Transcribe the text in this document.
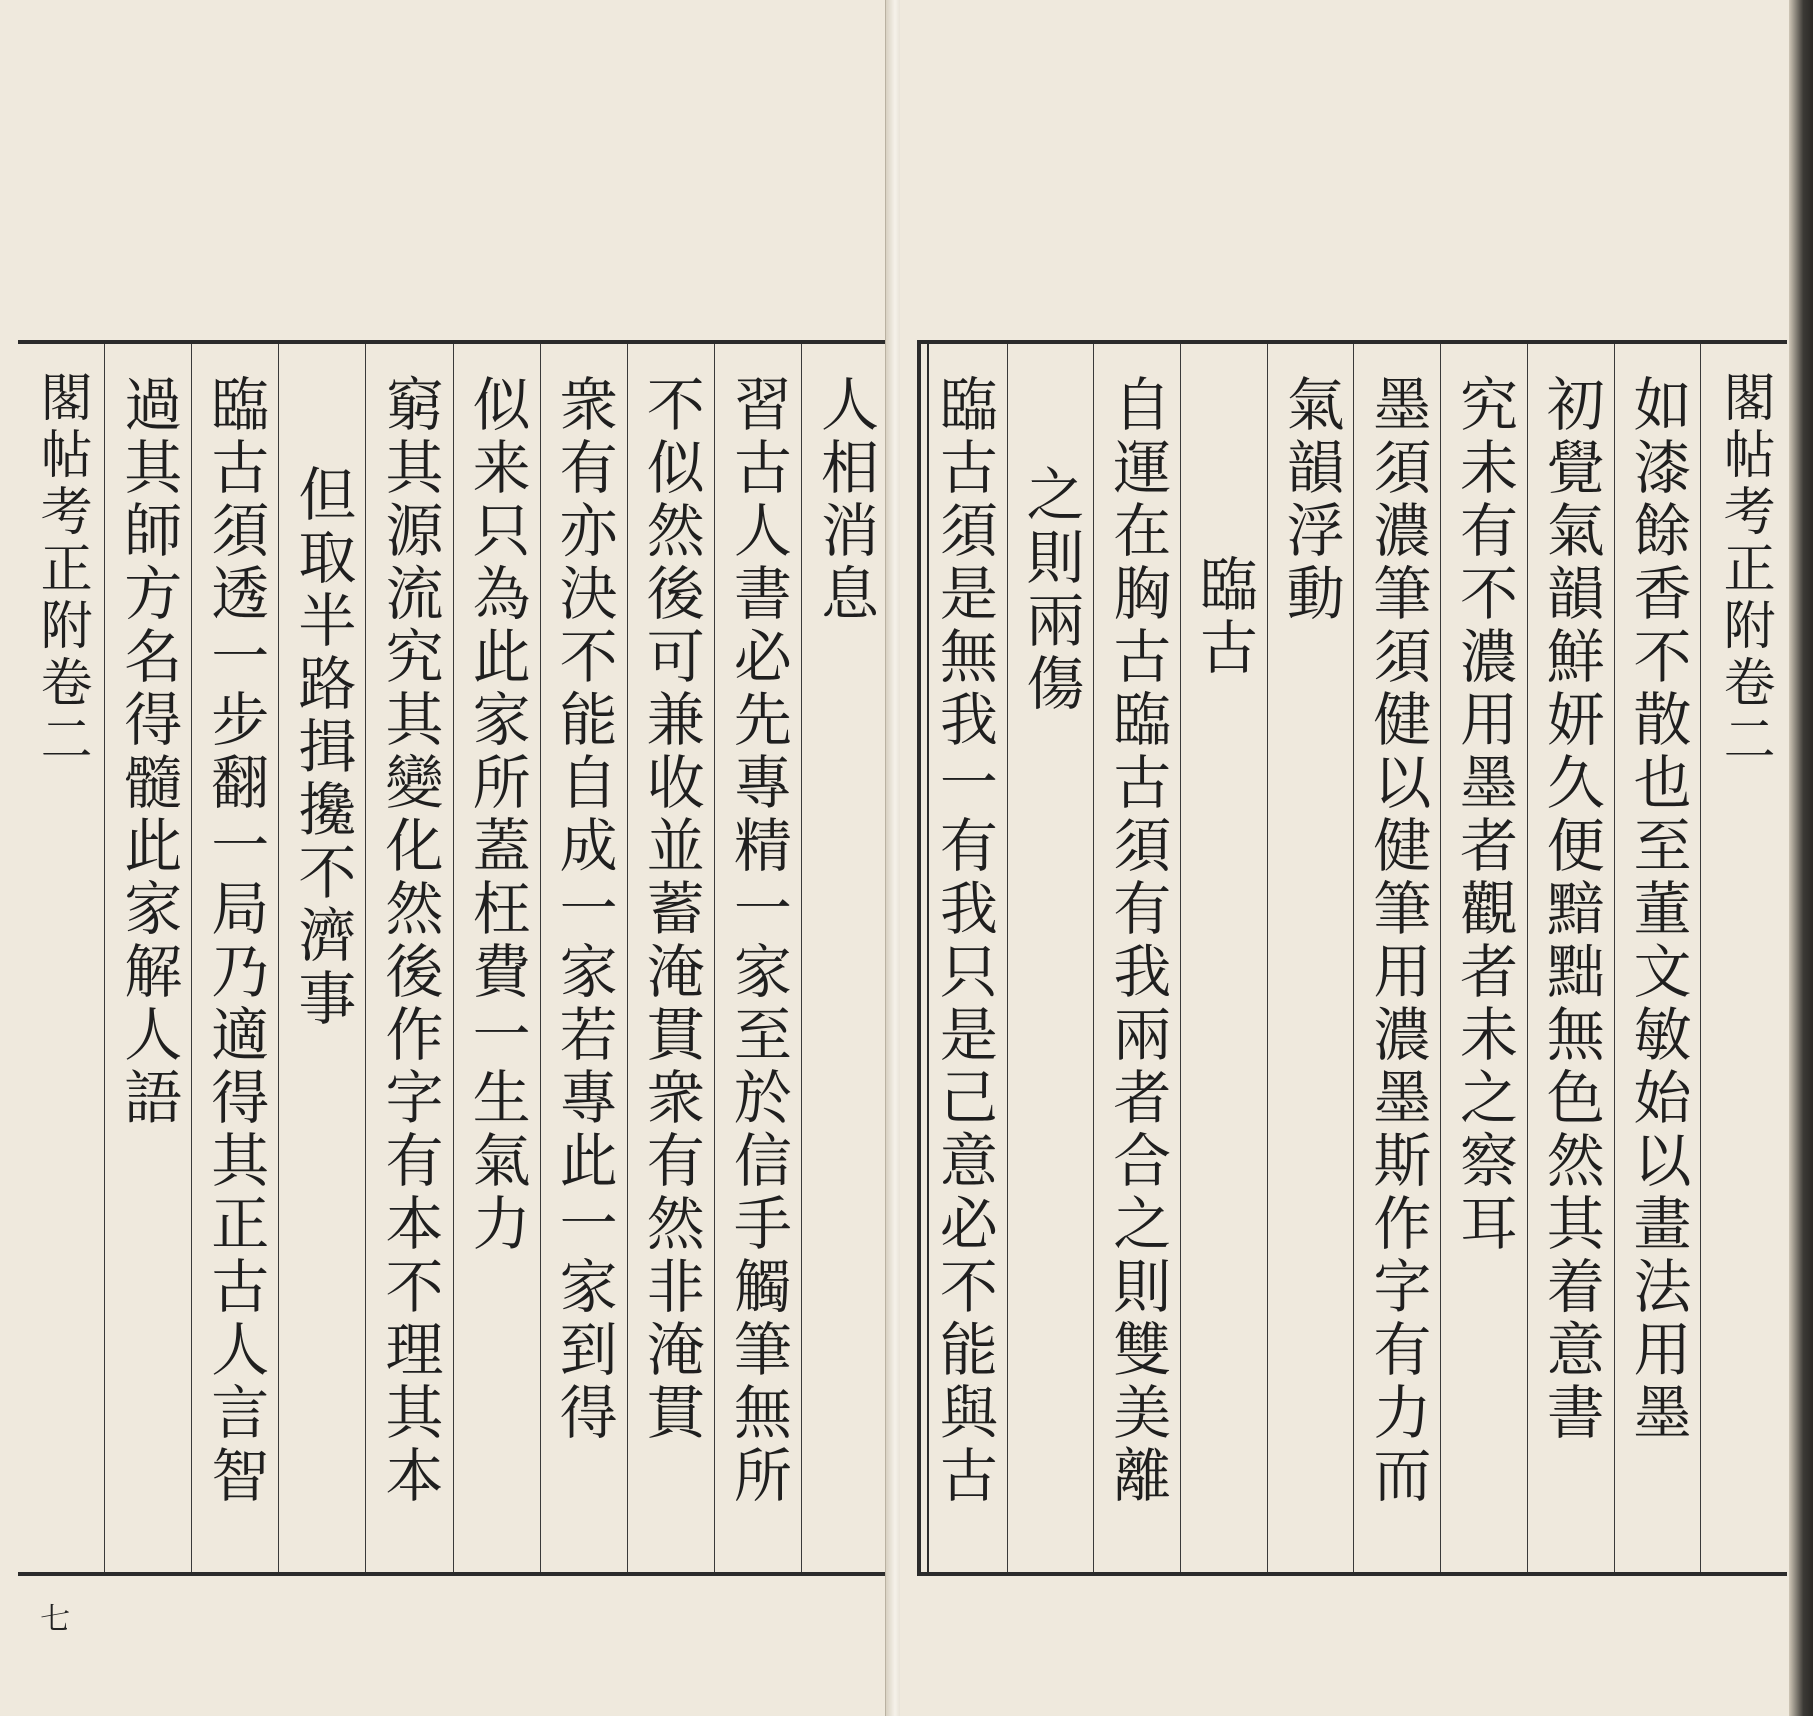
人相消息
習古人書必先專精一家至於信手觸筆無所
不似然後可兼收並蓄淹貫衆有然非淹貫
衆有亦決不能自成一家若專此一家到得
似来只為此家所蓋枉費一生氣力
窮其源流究其變化然後作字有本不理其本
但取半路揖攙不濟事
臨古須透一步翻一局乃適得其正古人言智
過其師方名得髓此家解人語
閣帖考正附卷二
七
閣帖考正附卷二
如漆餘香不散也至董文敏始以畫法用墨
初覺氣韻鮮妍久便黯黜無色然其着意書
究未有不濃用墨者觀者未之察耳
墨須濃筆須健以健筆用濃墨斯作字有力而
氣韻浮動
臨古
自運在胸古臨古須有我兩者合之則雙美離
之則兩傷
臨古須是無我一有我只是己意必不能與古
